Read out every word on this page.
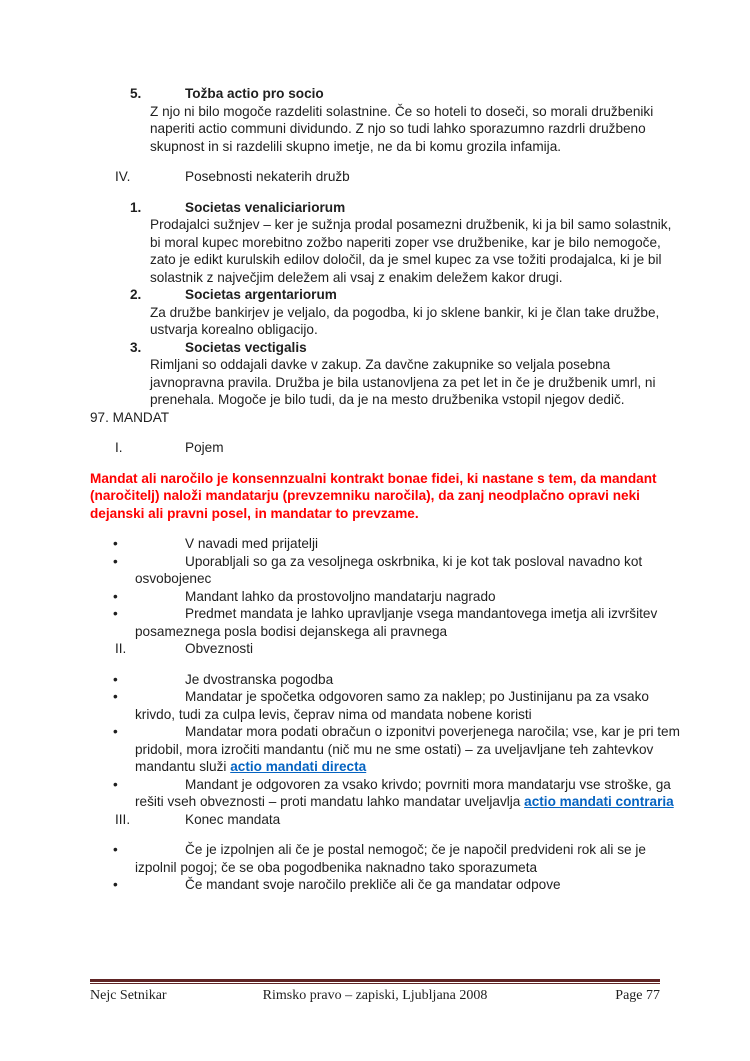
5.	Tožba actio pro socio
Z njo ni bilo mogoče razdeliti solastnine. Če so hoteli to doseči, so morali družbeniki naperiti actio communi dividundo. Z njo so tudi lahko sporazumno razdrli družbeno skupnost in si razdelili skupno imetje, ne da bi komu grozila infamija.
IV.	Posebnosti nekaterih družb
1.	Societas venaliciariorum
Prodajalci sužnjev – ker je sužnja prodal posamezni družbenik, ki ja bil samo solastnik, bi moral kupec morebitno zožbo naperiti zoper vse družbenike, kar je bilo nemogoče, zato je edikt kurulskih edilov določil, da je smel kupec za vse tožiti prodajalca, ki je bil solastnik z največjim deležem ali vsaj z enakim deležem kakor drugi.
2.	Societas argentariorum
Za družbe bankirjev je veljalo, da pogodba, ki jo sklene bankir, ki je član take družbe, ustvarja korealno obligacijo.
3.	Societas vectigalis
Rimljani so oddajali davke v zakup. Za davčne zakupnike so veljala posebna javnopravna pravila. Družba je bila ustanovljena za pet let in če je družbenik umrl, ni prenehala. Mogoče je bilo tudi, da je na mesto družbenika vstopil njegov dedič.
97. MANDAT
I.	Pojem
Mandat ali naročilo je konsennzualni kontrakt bonae fidei, ki nastane s tem, da mandant (naročitelj) naloži mandatarju (prevzemniku naročila), da zanj neodplačno opravi neki dejanski ali pravni posel, in mandatar to prevzame.
•	V navadi med prijatelji
•	Uporabljali so ga za vesoljnega oskrbnika, ki je kot tak posloval navadno kot osvobojenec
•	Mandant lahko da prostovoljno mandatarju nagrado
•	Predmet mandata je lahko upravljanje vsega mandantovega imetja ali izvršitev posameznega posla bodisi dejanskega ali pravnega
II.	Obveznosti
•	Je dvostranska pogodba
•	Mandatar je spočetka odgovoren samo za naklep; po Justinijanu pa za vsako krivdo, tudi za culpa levis, čeprav nima od mandata nobene koristi
•	Mandatar mora podati obračun o izponitvi poverjenega naročila; vse, kar je pri tem pridobil, mora izročiti mandantu (nič mu ne sme ostati) – za uveljavljane teh zahtevkov mandantu služi actio mandati directa
•	Mandant je odgovoren za vsako krivdo; povrniti mora mandatarju vse stroške, ga rešiti vseh obveznosti – proti mandatu lahko mandatar uveljavlja actio mandati contraria
III.	Konec mandata
•	Če je izpolnjen ali če je postal nemogoč; če je napočil predvideni rok ali se je izpolnil pogoj; če se oba pogodbenika naknadno tako sporazumeta
•	Če mandant svoje naročilo prekliče ali če ga mandatar odpove
Nejc Setnikar	Rimsko pravo – zapiski, Ljubljana 2008	Page 77
